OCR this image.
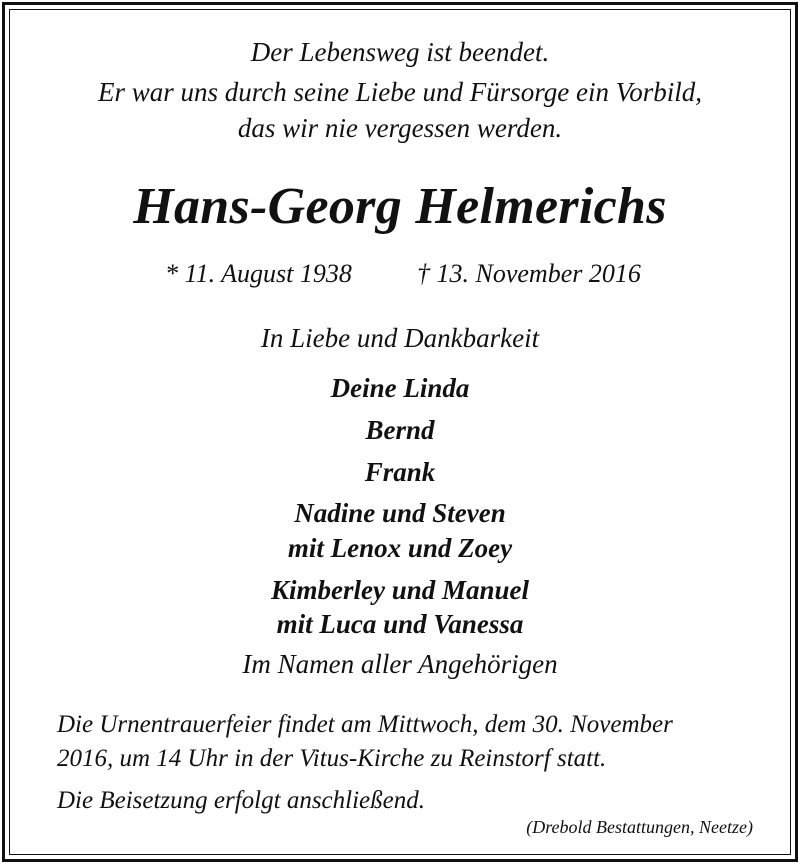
Der Lebensweg ist beendet.
Er war uns durch seine Liebe und Fürsorge ein Vorbild,
das wir nie vergessen werden.
Hans-Georg Helmerichs
* 11. August 1938	† 13. November 2016
In Liebe und Dankbarkeit
Deine Linda
Bernd
Frank
Nadine und Steven
mit Lenox und Zoey
Kimberley und Manuel
mit Luca und Vanessa
Im Namen aller Angehörigen
Die Urnentrauerfeier findet am Mittwoch, dem 30. November
2016, um 14 Uhr in der Vitus-Kirche zu Reinstorf statt.
Die Beisetzung erfolgt anschließend.
(Drebold Bestattungen, Neetze)
